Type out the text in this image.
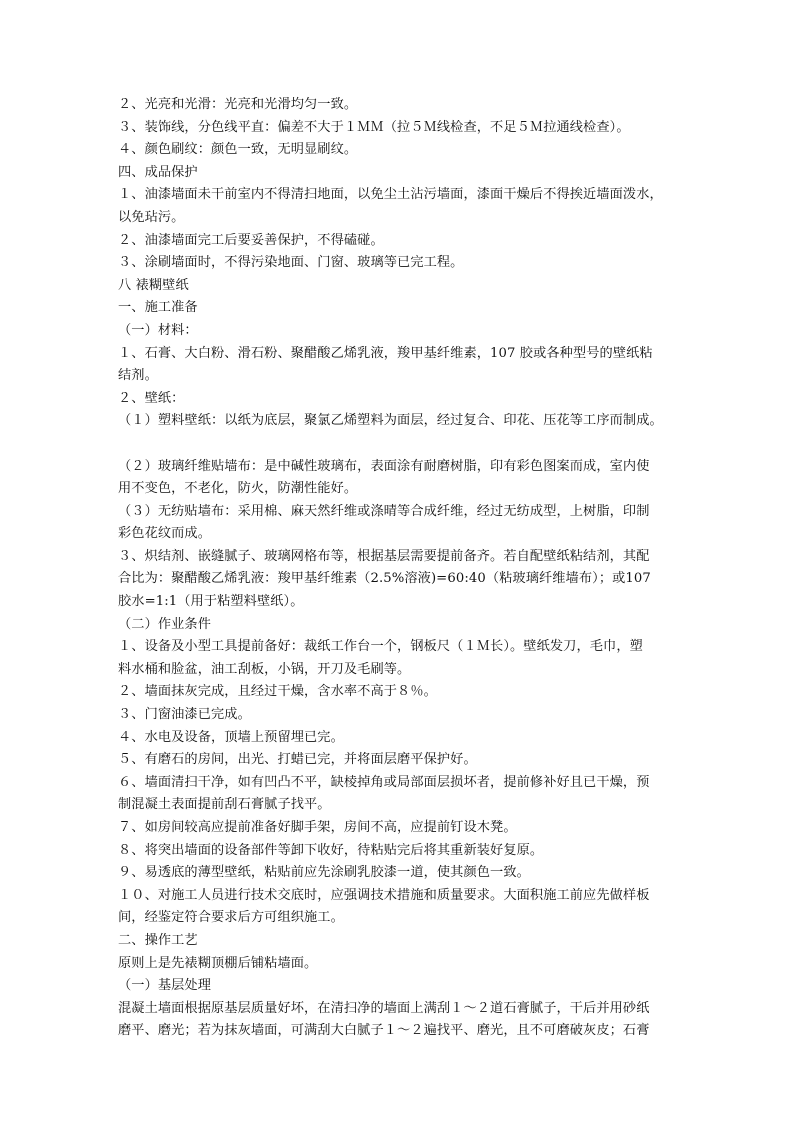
２、光亮和光滑：光亮和光滑均匀一致。
３、装饰线，分色线平直：偏差不大于１ＭＭ（拉５Ｍ线检查，不足５Ｍ拉通线检查）。
４、颜色刷纹：颜色一致，无明显刷纹。
四、成品保护
１、油漆墙面未干前室内不得清扫地面，以免尘土沾污墙面，漆面干燥后不得挨近墙面泼水，
以免玷污。
２、油漆墙面完工后要妥善保护，不得磕碰。
３、涂刷墙面时，不得污染地面、门窗、玻璃等已完工程。
八 裱糊壁纸
一、施工准备
（一）材料：
１、石膏、大白粉、滑石粉、聚醋酸乙烯乳液，羧甲基纤维素，107 胶或各种型号的壁纸粘
结剂。
２、壁纸：
（１）塑料壁纸：以纸为底层，聚氯乙烯塑料为面层，经过复合、印花、压花等工序而制成。
（２）玻璃纤维贴墙布：是中碱性玻璃布，表面涂有耐磨树脂，印有彩色图案而成，室内使
用不变色，不老化，防火，防潮性能好。
（３）无纺贴墙布：采用棉、麻天然纤维或涤晴等合成纤维，经过无纺成型，上树脂，印制
彩色花纹而成。
３、炽结剂、嵌缝腻子、玻璃网格布等，根据基层需要提前备齐。若自配壁纸粘结剂，其配
合比为：聚醋酸乙烯乳液：羧甲基纤维素（2.5%溶液)=60:40（粘玻璃纤维墙布）；或107
胶水=1:1（用于粘塑料壁纸）。
（二）作业条件
１、设备及小型工具提前备好：裁纸工作台一个，钢板尺（１Ｍ长）。壁纸发刀，毛巾，塑
料水桶和脸盆，油工刮板，小锅，开刀及毛刷等。
２、墙面抹灰完成，且经过干燥，含水率不高于８％。
３、门窗油漆已完成。
４、水电及设备，顶墙上预留埋已完。
５、有磨石的房间，出光、打蜡已完，并将面层磨平保护好。
６、墙面清扫干净，如有凹凸不平，缺棱掉角或局部面层损坏者，提前修补好且已干燥，预
制混凝土表面提前刮石膏腻子找平。
７、如房间较高应提前准备好脚手架，房间不高，应提前钉设木凳。
８、将突出墙面的设备部件等卸下收好，待粘贴完后将其重新装好复原。
９、易透底的薄型壁纸，粘贴前应先涂刷乳胶漆一道，使其颜色一致。
１０、对施工人员进行技术交底时，应强调技术措施和质量要求。大面积施工前应先做样板
间，经鉴定符合要求后方可组织施工。
二、操作工艺
原则上是先裱糊顶棚后铺粘墙面。
（一）基层处理
混凝土墙面根据原基层质量好坏，在清扫净的墙面上满刮１～２道石膏腻子，干后并用砂纸
磨平、磨光；若为抹灰墙面，可满刮大白腻子１～２遍找平、磨光，且不可磨破灰皮；石膏
